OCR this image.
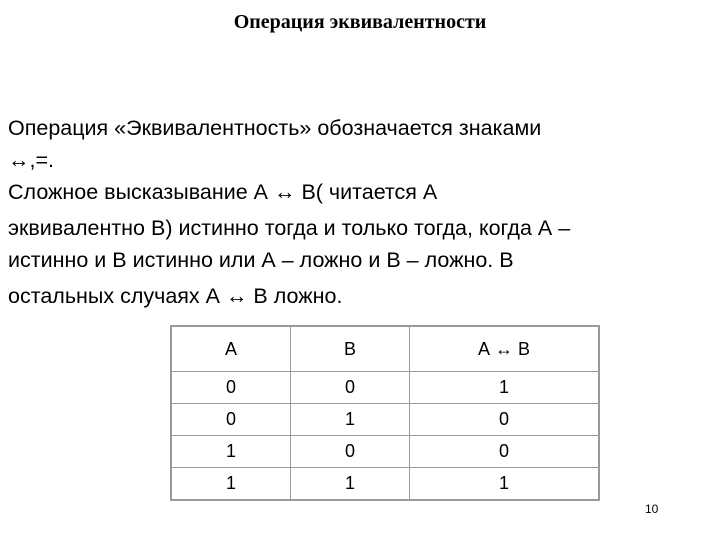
Операция эквивалентности
Операция «Эквивалентность» обозначается знаками
↔,=.
Сложное высказывание А ↔ В( читается А
эквивалентно В) истинно тогда и только тогда, когда А –
истинно и В истинно или А – ложно и В – ложно. В
остальных случаях А ↔ В ложно.
А	В	А ↔ В
0	0	1
0	1	0
1	0	0
1	1	1
10
